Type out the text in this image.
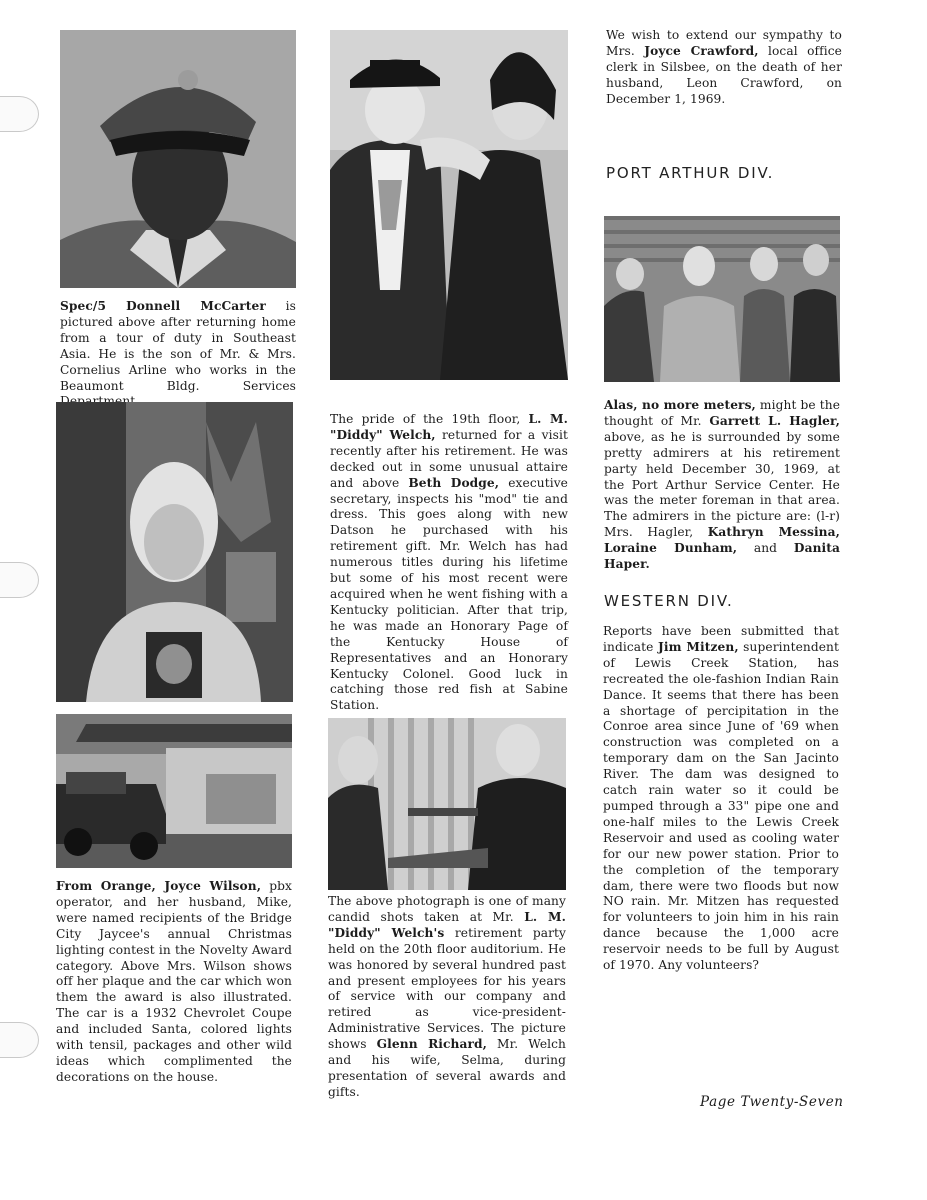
Spec/5 Donnell McCarter is pictured above after returning home from a tour of duty in Southeast Asia. He is the son of Mr. & Mrs. Cornelius Arline who works in the Beaumont Bldg. Services

From Orange, Joyce Wilson, pbx operator, and her husband, Mike, were named recipients of the Bridge City Jaycee's annual Christmas lighting contest in the Novelty Award category. Above Mrs. Wilson shows off her plaque and the car which won them the award is also illustrated. The car is a 1932 Chevrolet Coupe and included Santa, colored lights with tensil, packages and other wild ideas which complimented the decorations on the house.

The pride of the 19th floor, L. M. "Diddy" Welch, returned for a visit recently after his retirement. He was decked out in some unusual attaire and above Beth Dodge, executive secretary, inspects his "mod" tie and dress. This goes along with new Datson he purchased with his retirement gift. Mr. Welch has had numerous titles during his lifetime but some of his most recent were acquired when he went fishing with a Kentucky politician. After that trip, he was made an Honorary Page of the Kentucky House of Representatives and an Honorary Kentucky Colonel. Good luck in catching those red fish at Sabine Station.

The above photograph is one of many candid shots taken at Mr. L. M. "Diddy" Welch's retirement party held on the 20th floor auditorium. He was honored by several hundred past and present employees for his years of service with our company and retired as vice-president-Administrative Services. The picture shows Glenn Richard, Mr. Welch and his wife, Selma, during presentation of several awards and gifts.

We wish to extend our sympathy to Mrs. Joyce Crawford, local office clerk in Silsbee, on the death of her husband, Leon Crawford, on December 1, 1969.

PORT ARTHUR DIV.

Alas, no more meters, might be the thought of Mr. Garrett L. Hagler, above, as he is surrounded by some pretty admirers at his retirement party held December 30, 1969, at the Port Arthur Service Center. He was the meter foreman in that area. The admirers in the picture are: (l-r) Mrs. Hagler, Kathryn Messina, Loraine Dunham, and Danita Haper.

WESTERN DIV.

Reports have been submitted that indicate Jim Mitzen, superintendent of Lewis Creek Station, has recreated the ole-fashion Indian Rain Dance. It seems that there has been a shortage of percipitation in the Conroe area since June of '69 when construction was completed on a temporary dam on the San Jacinto River. The dam was designed to catch rain water so it could be pumped through a 33" pipe one and one-half miles to the Lewis Creek Reservoir and used as cooling water for our new power station. Prior to the completion of the temporary dam, there were two floods but now NO rain. Mr. Mitzen has requested for volunteers to join him in his rain dance because the 1,000 acre reservoir needs to be full by August of 1970. Any volunteers?

Page Twenty-Seven
